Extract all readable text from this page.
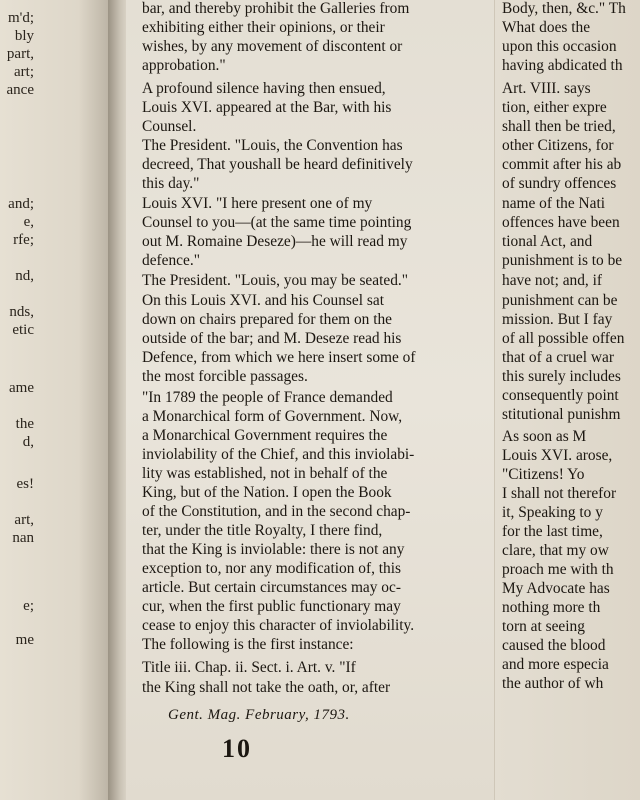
m'd;
bly
part,
art;
ance
and;
e,
rfe;
nd,
nds,
etic
ame
the
d,
es!
art,
nan
e;
me
bar, and thereby prohibit the Galleries from
exhibiting either their opinions, or their
wishes, by any movement of discontent or
approbation."
A profound silence having then ensued,
Louis XVI. appeared at the Bar, with his
Counsel.
The President. "Louis, the Convention has
decreed, That youshall be heard definitively
this day."
Louis XVI. "I here present one of my
Counsel to you—(at the same time pointing
out M. Romaine Deseze)—he will read my
defence."
The President. "Louis, you may be seated."
On this Louis XVI. and his Counsel sat
down on chairs prepared for them on the
outside of the bar; and M. Deseze read his
Defence, from which we here insert some of
the most forcible passages.
"In 1789 the people of France demanded
a Monarchical form of Government. Now,
a Monarchical Government requires the
inviolability of the Chief, and this inviolabi-
lity was established, not in behalf of the
King, but of the Nation. I open the Book
of the Constitution, and in the second chap-
ter, under the title Royalty, I there find,
that the King is inviolable: there is not any
exception to, nor any modification of, this
article. But certain circumstances may oc-
cur, when the first public functionary may
cease to enjoy this character of inviolability.
The following is the first instance:
Title iii. Chap. ii. Sect. i. Art. v. "If
the King shall not take the oath, or, after
Gent. Mag. February, 1793.
10
Body, then, &c." Th
What does the
upon this occasion
having abdicated th
Art. VIII. says
tion, either expre
shall then be tried,
other Citizens, for
commit after his ab
of sundry offences
name of the Nati
offences have been
tional Act, and
punishment is to be
have not; and, if
punishment can be
mission. But I fay
of all possible offen
that of a cruel war
this surely includes
consequently point
stitutional punishm
As soon as M
Louis XVI. arose,
"Citizens! Yo
I shall not therefor
it, Speaking to y
for the last time,
clare, that my ow
proach me with th
My Advocate has
nothing more th
torn at seeing
caused the blood
and more especia
the author of wh
